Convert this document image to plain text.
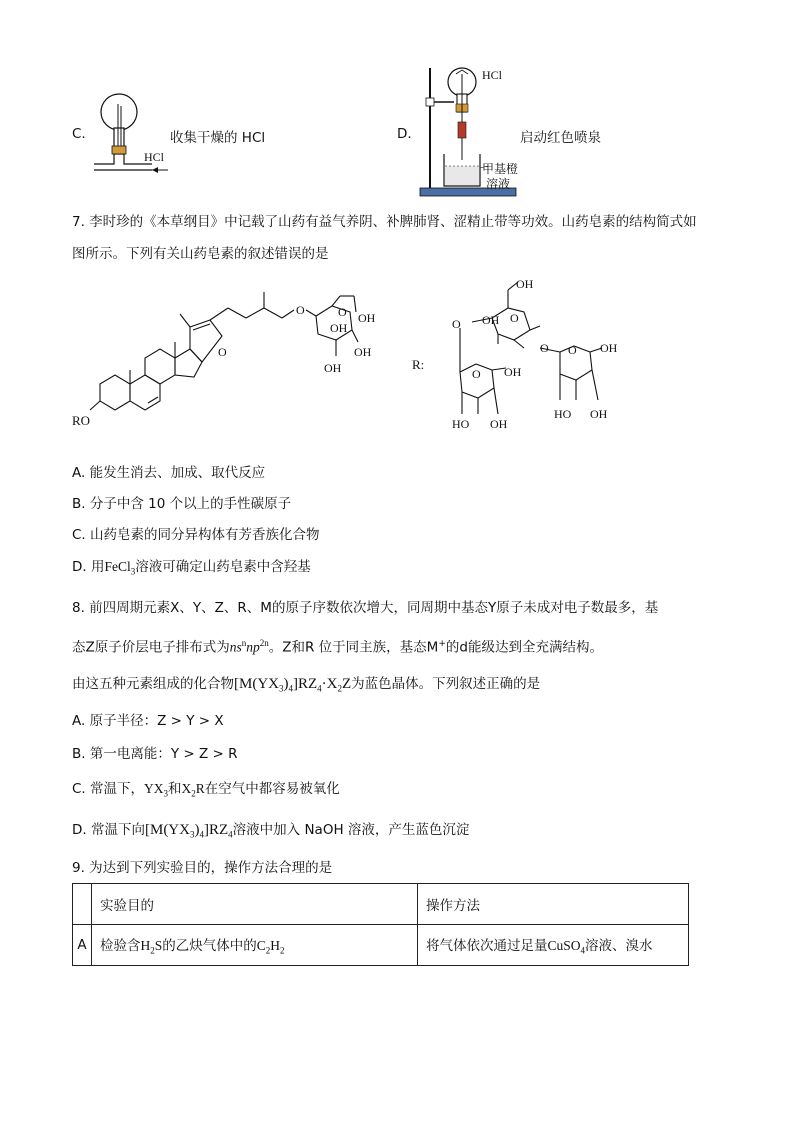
C.
HCl
收集干燥的 HCl	D.
HCl
甲基橙
溶液
启动红色喷泉
7. 李时珍的《本草纲目》中记载了山药有益气养阴、补脾肺肾、涩精止带等功效。山药皂素的结构简式如
图所示。下列有关山药皂素的叙述错误的是
RO
O
O	O OH
OH
OH
OH	R:
O
OH
O
OH
O
O OH
HO OH
O OH
HO OH
A. 能发生消去、加成、取代反应
B. 分子中含 10 个以上的手性碳原子
C. 山药皂素的同分异构体有芳香族化合物
D. 用FeCl$_3$溶液可确定山药皂素中含羟基
8. 前四周期元素X、Y、Z、R、M的原子序数依次增大，同周期中基态Y原子未成对电子数最多，基
态Z原子价层电子排布式为$ns^nnp^{2n}$。Z和R 位于同主族，基态M+的d能级达到全充满结构。
由这五种元素组成的化合物$[M(YX_3)_4]RZ_4\cdot X_2Z$为蓝色晶体。下列叙述正确的是
A. 原子半径：Z > Y > X
B. 第一电离能：Y > Z > R
C. 常温下，$YX_3$和$X_2R$在空气中都容易被氧化
D. 常温下向$[M(YX_3)_4]RZ_4$溶液中加入 NaOH 溶液，产生蓝色沉淀
9. 为达到下列实验目的，操作方法合理的是
	实验目的	操作方法
A	检验含$H_2S$的乙炔气体中的$C_2H_2$	将气体依次通过足量CuSO$_4$溶液、溴水
